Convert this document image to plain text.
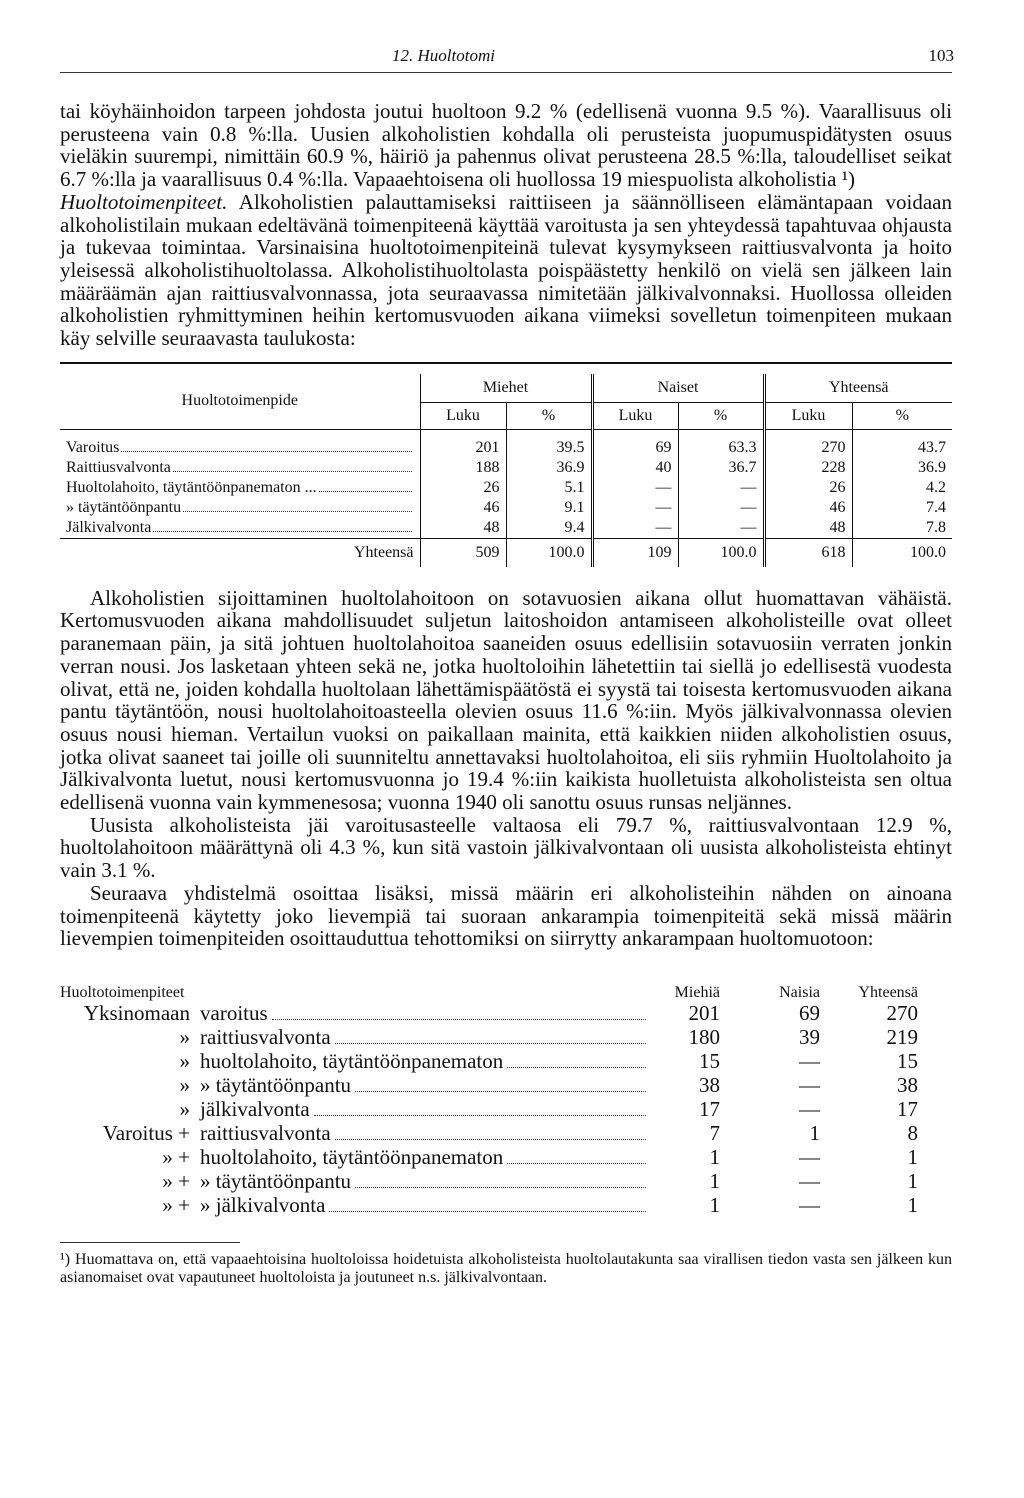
12. Huoltotomi	103

tai köyhäinhoidon tarpeen johdosta joutui huoltoon 9.2 % (edellisenä vuonna 9.5 %). Vaarallisuus oli perusteena vain 0.8 %:lla. Uusien alkoholistien kohdalla oli perusteista juopumuspidätysten osuus vieläkin suurempi, nimittäin 60.9 %, häiriö ja pahennus olivat perusteena 28.5 %:lla, taloudelliset seikat 6.7 %:lla ja vaarallisuus 0.4 %:lla. Vapaaehtoisena oli huollossa 19 miespuolista alkoholistia ¹)

Huoltotoimenpiteet. Alkoholistien palauttamiseksi raittiiseen ja säännölliseen elämäntapaan voidaan alkoholistilain mukaan edeltävänä toimenpiteenä käyttää varoitusta ja sen yhteydessä tapahtuvaa ohjausta ja tukevaa toimintaa. Varsinaisina huoltotoimenpiteinä tulevat kysymykseen raittiusvalvonta ja hoito yleisessä alkoholistihuoltolassa. Alkoholistihuoltolasta poispäästetty henkilö on vielä sen jälkeen lain määräämän ajan raittiusvalvonnassa, jota seuraavassa nimitetään jälkivalvonnaksi. Huollossa olleiden alkoholistien ryhmittyminen heihin kertomusvuoden aikana viimeksi sovelletun toimenpiteen mukaan käy selville seuraavasta taulukosta:

Huoltotoimenpide	Miehet		Naiset		Yhteensä	
	Luku	%	Luku	%	Luku	%

Varoitus	201	39.5	69	63.3	270	43.7

Raittiusvalvonta	188	36.9	40	36.7	228	36.9

Huoltolahoito, täytäntöönpanematon ...	26	5.1	—	—	26	4.2

» täytäntöönpantu	46	9.1	—	—	46	7.4

Jälkivalvonta	48	9.4	—	—	48	7.8
Yhteensä	509	100.0	109	100.0	618	100.0

Alkoholistien sijoittaminen huoltolahoitoon on sotavuosien aikana ollut huomattavan vähäistä. Kertomusvuoden aikana mahdollisuudet suljetun laitoshoidon antamiseen alkoholisteille ovat olleet paranemaan päin, ja sitä johtuen huoltolahoitoa saaneiden osuus edellisiin sotavuosiin verraten jonkin verran nousi. Jos lasketaan yhteen sekä ne, jotka huoltoloihin lähetettiin tai siellä jo edellisestä vuodesta olivat, että ne, joiden kohdalla huoltolaan lähettämispäätöstä ei syystä tai toisesta kertomusvuoden aikana pantu täytäntöön, nousi huoltolahoitoasteella olevien osuus 11.6 %:iin. Myös jälkivalvonnassa olevien osuus nousi hieman. Vertailun vuoksi on paikallaan mainita, että kaikkien niiden alkoholistien osuus, jotka olivat saaneet tai joille oli suunniteltu annettavaksi huoltolahoitoa, eli siis ryhmiin Huoltolahoito ja Jälkivalvonta luetut, nousi kertomusvuonna jo 19.4 %:iin kaikista huolletuista alkoholisteista sen oltua edellisenä vuonna vain kymmenesosa; vuonna 1940 oli sanottu osuus runsas neljännes.

Uusista alkoholisteista jäi varoitusasteelle valtaosa eli 79.7 %, raittiusvalvontaan 12.9 %, huoltolahoitoon määrättynä oli 4.3 %, kun sitä vastoin jälkivalvontaan oli uusista alkoholisteista ehtinyt vain 3.1 %.

Seuraava yhdistelmä osoittaa lisäksi, missä määrin eri alkoholisteihin nähden on ainoana toimenpiteenä käytetty joko lievempiä tai suoraan ankarampia toimenpiteitä sekä missä määrin lievempien toimenpiteiden osoittauduttua tehottomiksi on siirrytty ankarampaan huoltomuotoon:

Huoltotoimenpiteet	Miehiä	Naisia	Yhteensä
Yksinomaan varoitus	201	69	270
» raittiusvalvonta	180	39	219
» huoltolahoito, täytäntöönpanematon	15	—	15
» » täytäntöönpantu	38	—	38
» jälkivalvonta	17	—	17
Varoitus + raittiusvalvonta	7	1	8
» + huoltolahoito, täytäntöönpanematon	1	—	1
» + » täytäntöönpantu	1	—	1
» + » jälkivalvonta	1	—	1

¹) Huomattava on, että vapaaehtoisina huoltoloissa hoidetuista alkoholisteista huoltolautakunta saa virallisen tiedon vasta sen jälkeen kun asianomaiset ovat vapautuneet huoltoloista ja joutuneet n.s. jälkivalvontaan.
